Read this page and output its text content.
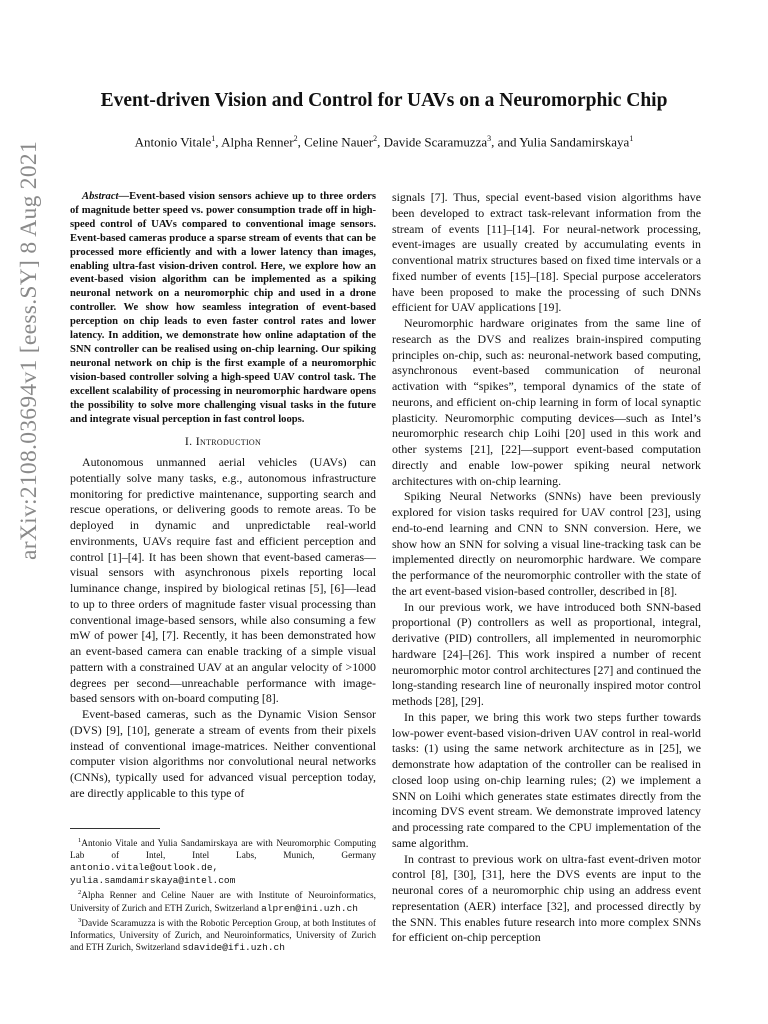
arXiv:2108.03694v1 [eess.SY] 8 Aug 2021
Event-driven Vision and Control for UAVs on a Neuromorphic Chip
Antonio Vitale$^1$, Alpha Renner$^2$, Celine Nauer$^2$, Davide Scaramuzza$^3$, and Yulia Sandamirskaya$^1$

Abstract—Event-based vision sensors achieve up to three orders of magnitude better speed vs. power consumption trade off in high-speed control of UAVs compared to conventional image sensors. Event-based cameras produce a sparse stream of events that can be processed more efficiently and with a lower latency than images, enabling ultra-fast vision-driven control. Here, we explore how an event-based vision algorithm can be implemented as a spiking neuronal network on a neuromorphic chip and used in a drone controller. We show how seamless integration of event-based perception on chip leads to even faster control rates and lower latency. In addition, we demonstrate how online adaptation of the SNN controller can be realised using on-chip learning. Our spiking neuronal network on chip is the first example of a neuromorphic vision-based controller solving a high-speed UAV control task. The excellent scalability of processing in neuromorphic hardware opens the possibility to solve more challenging visual tasks in the future and integrate visual perception in fast control loops.

I. Introduction

Autonomous unmanned aerial vehicles (UAVs) can potentially solve many tasks, e.g., autonomous infrastructure monitoring for predictive maintenance, supporting search and rescue operations, or delivering goods to remote areas. To be deployed in dynamic and unpredictable real-world environments, UAVs require fast and efficient perception and control [1]–[4]. It has been shown that event-based cameras—visual sensors with asynchronous pixels reporting local luminance change, inspired by biological retinas [5], [6]—lead to up to three orders of magnitude faster visual processing than conventional image-based sensors, while also consuming a few mW of power [4], [7]. Recently, it has been demonstrated how an event-based camera can enable tracking of a simple visual pattern with a constrained UAV at an angular velocity of >1000 degrees per second—unreachable performance with image-based sensors with on-board computing [8].

Event-based cameras, such as the Dynamic Vision Sensor (DVS) [9], [10], generate a stream of events from their pixels instead of conventional image-matrices. Neither conventional computer vision algorithms nor convolutional neural networks (CNNs), typically used for advanced visual perception today, are directly applicable to this type of

$^1$Antonio Vitale and Yulia Sandamirskaya are with Neuromorphic Computing Lab of Intel, Intel Labs, Munich, Germany antonio.vitale@outlook.de, yulia.samdamirskaya@intel.com

$^2$Alpha Renner and Celine Nauer are with Institute of Neuroinformatics, University of Zurich and ETH Zurich, Switzerland alpren@ini.uzh.ch

$^3$Davide Scaramuzza is with the Robotic Perception Group, at both Institutes of Informatics, University of Zurich, and Neuroinformatics, University of Zurich and ETH Zurich, Switzerland sdavide@ifi.uzh.ch

signals [7]. Thus, special event-based vision algorithms have been developed to extract task-relevant information from the stream of events [11]–[14]. For neural-network processing, event-images are usually created by accumulating events in conventional matrix structures based on fixed time intervals or a fixed number of events [15]–[18]. Special purpose accelerators have been proposed to make the processing of such DNNs efficient for UAV applications [19].

Neuromorphic hardware originates from the same line of research as the DVS and realizes brain-inspired computing principles on-chip, such as: neuronal-network based computing, asynchronous event-based communication of neuronal activation with “spikes”, temporal dynamics of the state of neurons, and efficient on-chip learning in form of local synaptic plasticity. Neuromorphic computing devices—such as Intel’s neuromorphic research chip Loihi [20] used in this work and other systems [21], [22]—support event-based computation directly and enable low-power spiking neural network architectures with on-chip learning.

Spiking Neural Networks (SNNs) have been previously explored for vision tasks required for UAV control [23], using end-to-end learning and CNN to SNN conversion. Here, we show how an SNN for solving a visual line-tracking task can be implemented directly on neuromorphic hardware. We compare the performance of the neuromorphic controller with the state of the art event-based vision-based controller, described in [8].

In our previous work, we have introduced both SNN-based proportional (P) controllers as well as proportional, integral, derivative (PID) controllers, all implemented in neuromorphic hardware [24]–[26]. This work inspired a number of recent neuromorphic motor control architectures [27] and continued the long-standing research line of neuronally inspired motor control methods [28], [29].

In this paper, we bring this work two steps further towards low-power event-based vision-driven UAV control in real-world tasks: (1) using the same network architecture as in [25], we demonstrate how adaptation of the controller can be realised in closed loop using on-chip learning rules; (2) we implement a SNN on Loihi which generates state estimates directly from the incoming DVS event stream. We demonstrate improved latency and processing rate compared to the CPU implementation of the same algorithm.

In contrast to previous work on ultra-fast event-driven motor control [8], [30], [31], here the DVS events are input to the neuronal cores of a neuromorphic chip using an address event representation (AER) interface [32], and processed directly by the SNN. This enables future research into more complex SNNs for efficient on-chip perception
